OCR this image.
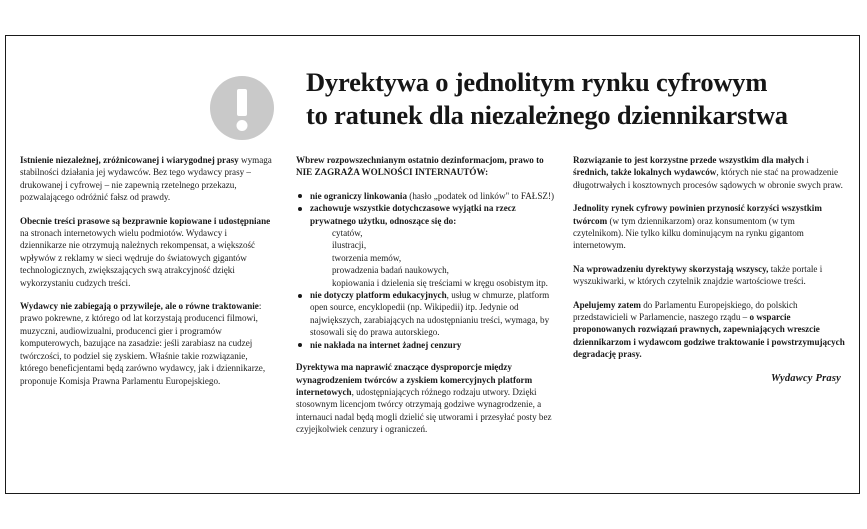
Dyrektywa o jednolitym rynku cyfrowym
to ratunek dla niezależnego dziennikarstwa

Istnienie niezależnej, zróżnicowanej i wiarygodnej prasy wymaga stabilności działania jej wydawców. Bez tego wydawcy prasy – drukowanej i cyfrowej – nie zapewnią rzetelnego przekazu, pozwalającego odróżnić fałsz od prawdy.

Obecnie treści prasowe są bezprawnie kopiowane i udostępniane na stronach internetowych wielu podmiotów. Wydawcy i dziennikarze nie otrzymują należnych rekompensat, a większość wpływów z reklamy w sieci wędruje do światowych gigantów technologicznych, zwiększających swą atrakcyjność dzięki wykorzystaniu cudzych treści.

Wydawcy nie zabiegają o przywileje, ale o równe traktowanie: prawo pokrewne, z którego od lat korzystają producenci filmowi, muzyczni, audiowizualni, producenci gier i programów komputerowych, bazujące na zasadzie: jeśli zarabiasz na cudzej twórczości, to podziel się zyskiem. Właśnie takie rozwiązanie, którego beneficjentami będą zarówno wydawcy, jak i dziennikarze, proponuje Komisja Prawna Parlamentu Europejskiego.

Wbrew rozpowszechnianym ostatnio dezinformacjom, prawo to NIE ZAGRAŻA WOLNOŚCI INTERNAUTÓW:

nie ograniczy linkowania (hasło „podatek od linków" to FAŁSZ!)
zachowuje wszystkie dotychczasowe wyjątki na rzecz prywatnego użytku, odnoszące się do:
cytatów,
ilustracji,
tworzenia memów,
prowadzenia badań naukowych,
kopiowania i dzielenia się treściami w kręgu osobistym itp.
nie dotyczy platform edukacyjnych, usług w chmurze, platform open source, encyklopedii (np. Wikipedii) itp. Jedynie od największych, zarabiających na udostępnianiu treści, wymaga, by stosowali się do prawa autorskiego.
nie nakłada na internet żadnej cenzury

Dyrektywa ma naprawić znaczące dysproporcje między wynagrodzeniem twórców a zyskiem komercyjnych platform internetowych, udostępniających różnego rodzaju utwory. Dzięki stosownym licencjom twórcy otrzymają godziwe wynagrodzenie, a internauci nadal będą mogli dzielić się utworami i przesyłać posty bez czyjejkolwiek cenzury i ograniczeń.

Rozwiązanie to jest korzystne przede wszystkim dla małych i średnich, także lokalnych wydawców, których nie stać na prowadzenie długotrwałych i kosztownych procesów sądowych w obronie swych praw.

Jednolity rynek cyfrowy powinien przynosić korzyści wszystkim twórcom (w tym dziennikarzom) oraz konsumentom (w tym czytelnikom). Nie tylko kilku dominującym na rynku gigantom internetowym.

Na wprowadzeniu dyrektywy skorzystają wszyscy, także portale i wyszukiwarki, w których czytelnik znajdzie wartościowe treści.

Apelujemy zatem do Parlamentu Europejskiego, do polskich przedstawicieli w Parlamencie, naszego rządu – o wsparcie proponowanych rozwiązań prawnych, zapewniających wreszcie dziennikarzom i wydawcom godziwe traktowanie i powstrzymujących degradację prasy.

Wydawcy Prasy
